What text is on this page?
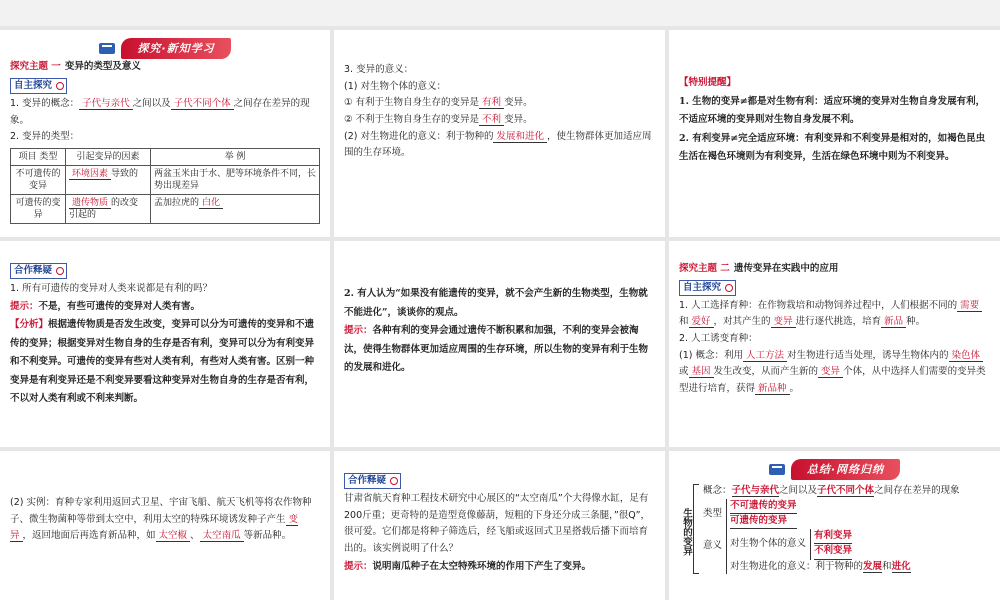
探究·新知学习
探究主题 一 变异的类型及意义
自主探究
1. 变异的概念： 子代与亲代 之间以及 子代不同个体 之间存在差异的现象。
2. 变异的类型：
项目 类型	引起变异的因素	举 例
不可遗传的变异	环境因素 导致的	两盆玉米由于水、肥等环境条件不同，长势出现差异
可遗传的变异	遗传物质 的改变引起的	孟加拉虎的 白化
3. 变异的意义：
(1) 对生物个体的意义：
① 有利于生物自身生存的变异是 有利 变异。
② 不利于生物自身生存的变异是 不利 变异。
(2) 对生物进化的意义：利于物种的 发展和进化 ，使生物群体更加适应周围的生存环境。
【特别提醒】
1. 生物的变异≠都是对生物有利：适应环境的变异对生物自身发展有利，不适应环境的变异则对生物自身发展不利。
2. 有利变异≠完全适应环境：有利变异和不利变异是相对的，如褐色昆虫生活在褐色环境则为有利变异，生活在绿色环境中则为不利变异。
合作释疑
1. 所有可遗传的变异对人类来说都是有利的吗？
提示：不是，有些可遗传的变异对人类有害。
【分析】根据遗传物质是否发生改变，变异可以分为可遗传的变异和不遗传的变异；根据变异对生物自身的生存是否有利，变异可以分为有利变异和不利变异。可遗传的变异有些对人类有利，有些对人类有害。区别一种变异是有利变异还是不利变异要看这种变异对生物自身的生存是否有利，不以对人类有利或不利来判断。
2. 有人认为“如果没有能遗传的变异，就不会产生新的生物类型，生物就不能进化”，谈谈你的观点。
提示：各种有利的变异会通过遗传不断积累和加强，不利的变异会被淘汰，使得生物群体更加适应周围的生存环境，所以生物的变异有利于生物的发展和进化。
探究主题 二 遗传变异在实践中的应用
自主探究
1. 人工选择育种：在作物栽培和动物饲养过程中，人们根据不同的 需要和 爱好 ，对其产生的 变异 进行逐代挑选，培育 新品 种。
2. 人工诱变育种：
(1) 概念：利用 人工方法 对生物进行适当处理，诱导生物体内的 染色体或 基因 发生改变，从而产生新的 变异 个体，从中选择人们需要的变异类型进行培育，获得 新品种 。
(2) 实例：育种专家利用返回式卫星、宇宙飞船、航天飞机等将农作物种子、微生物菌种等带到太空中，利用太空的特殊环境诱发种子产生 变异 ，返回地面后再选育新品种，如 太空椒 、 太空南瓜 等新品种。
合作释疑
甘肃省航天育种工程技术研究中心展区的“太空南瓜”个大得像水缸，足有200斤重；更奇特的是造型竟像藤葫，短粗的下身还分成三条腿，”很Q”，很可爱。它们都是将种子筛选后，经飞船或返回式卫星搭载后播下而培育出的。该实例说明了什么？
提示：说明南瓜种子在太空特殊环境的作用下产生了变异。
总结·网络归纳
生物的变异
概念：子代与亲代之间以及子代不同个体之间存在差异的现象
类型
不可遗传的变异
可遗传的变异
意义 对生物个体的意义
有利变异
不利变异
对生物进化的意义：利于物种的发展和进化
